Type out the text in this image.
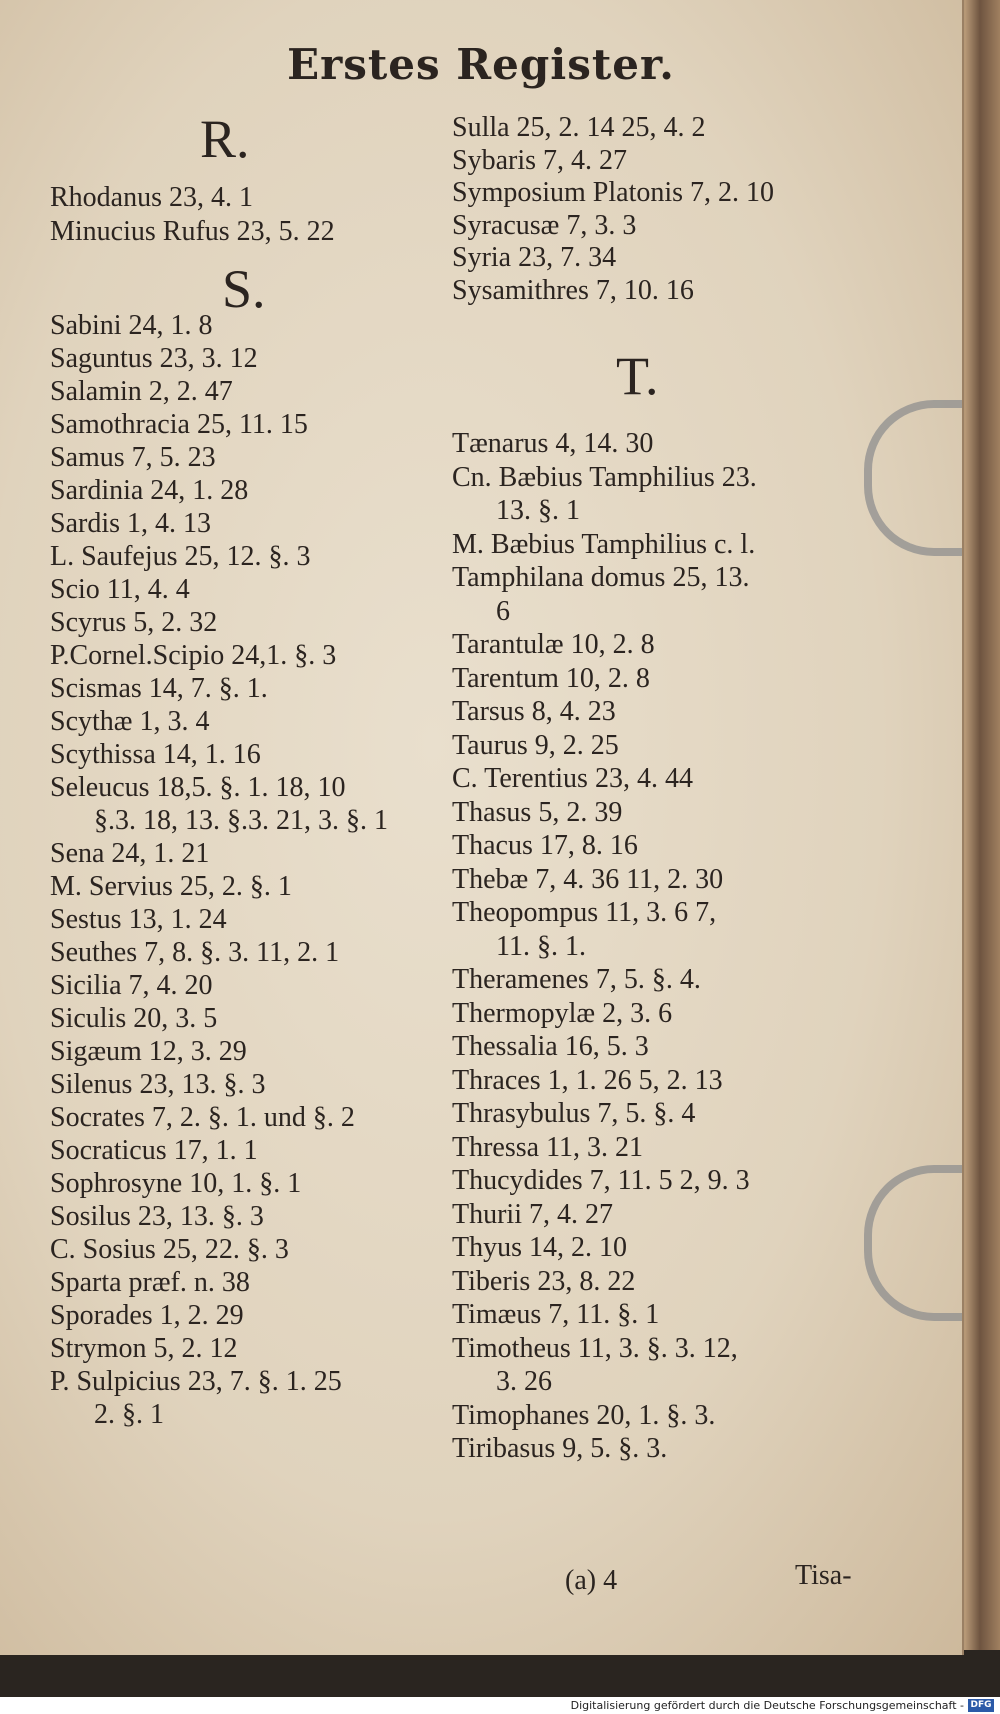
Erstes Register.
R.
Rhodanus 23, 4. 1
Minucius Rufus 23, 5. 22
S.
Sabini 24, 1. 8
Saguntus 23, 3. 12
Salamin 2, 2. 47
Samothracia 25, 11. 15
Samus 7, 5. 23
Sardinia 24, 1. 28
Sardis 1, 4. 13
L. Saufejus 25, 12. §. 3
Scio 11, 4. 4
Scyrus 5, 2. 32
P.Cornel.Scipio 24,1. §. 3
Scismas 14, 7. §. 1.
Scythæ 1, 3. 4
Scythissa 14, 1. 16
Seleucus 18,5. §. 1. 18, 10
§.3. 18, 13. §.3. 21, 3. §. 1
Sena 24, 1. 21
M. Servius 25, 2. §. 1
Sestus 13, 1. 24
Seuthes 7, 8. §. 3. 11, 2. 1
Sicilia 7, 4. 20
Siculis 20, 3. 5
Sigæum 12, 3. 29
Silenus 23, 13. §. 3
Socrates 7, 2. §. 1. und §. 2
Socraticus 17, 1. 1
Sophrosyne 10, 1. §. 1
Sosilus 23, 13. §. 3
C. Sosius 25, 22. §. 3
Sparta præf. n. 38
Sporades 1, 2. 29
Strymon 5, 2. 12
P. Sulpicius 23, 7. §. 1. 25
2. §. 1
Sulla 25, 2. 14 25, 4. 2
Sybaris 7, 4. 27
Symposium Platonis 7, 2. 10
Syracusæ 7, 3. 3
Syria 23, 7. 34
Sysamithres 7, 10. 16
T.
Tænarus 4, 14. 30
Cn. Bæbius Tamphilius 23.
13. §. 1
M. Bæbius Tamphilius c. l.
Tamphilana domus 25, 13.
6
Tarantulæ 10, 2. 8
Tarentum 10, 2. 8
Tarsus 8, 4. 23
Taurus 9, 2. 25
C. Terentius 23, 4. 44
Thasus 5, 2. 39
Thacus 17, 8. 16
Thebæ 7, 4. 36 11, 2. 30
Theopompus 11, 3. 6 7,
11. §. 1.
Theramenes 7, 5. §. 4.
Thermopylæ 2, 3. 6
Thessalia 16, 5. 3
Thraces 1, 1. 26 5, 2. 13
Thrasybulus 7, 5. §. 4
Thressa 11, 3. 21
Thucydides 7, 11. 5 2, 9. 3
Thurii 7, 4. 27
Thyus 14, 2. 10
Tiberis 23, 8. 22
Timæus 7, 11. §. 1
Timotheus 11, 3. §. 3. 12,
3. 26
Timophanes 20, 1. §. 3.
Tiribasus 9, 5. §. 3.
(a) 4	Tisa-
Digitalisierung gefördert durch die Deutsche Forschungsgemeinschaft - DFG
